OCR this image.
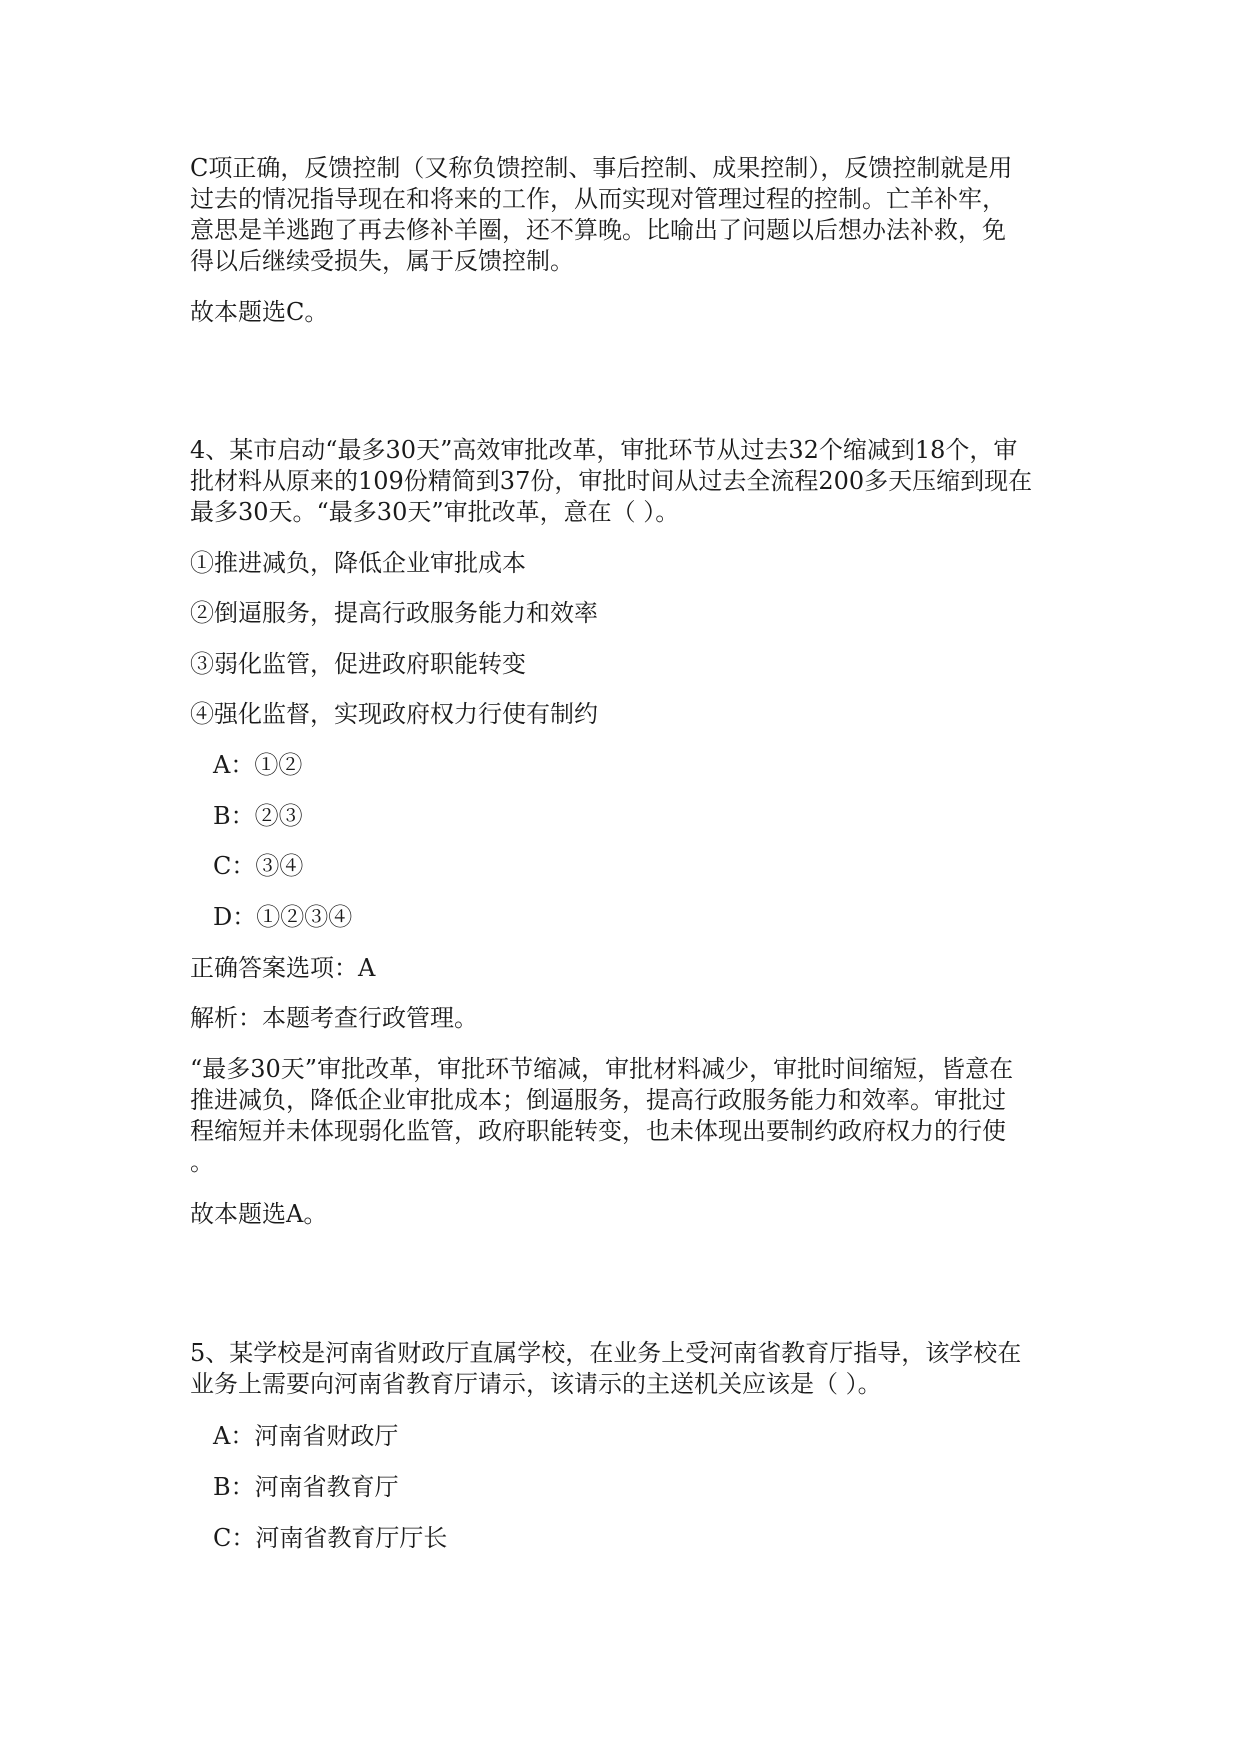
C项正确，反馈控制（又称负馈控制、事后控制、成果控制），反馈控制就是用

过去的情况指导现在和将来的工作，从而实现对管理过程的控制。亡羊补牢，

意思是羊逃跑了再去修补羊圈，还不算晚。比喻出了问题以后想办法补救，免

得以后继续受损失，属于反馈控制。

故本题选C。

4、某市启动“最多30天”高效审批改革，审批环节从过去32个缩减到18个，审

批材料从原来的109份精简到37份，审批时间从过去全流程200多天压缩到现在

最多30天。“最多30天”审批改革，意在（ ）。

①推进减负，降低企业审批成本

②倒逼服务，提高行政服务能力和效率

③弱化监管，促进政府职能转变

④强化监督，实现政府权力行使有制约

A：①②

B：②③

C：③④

D：①②③④

正确答案选项：A

解析：本题考查行政管理。

“最多30天”审批改革，审批环节缩减，审批材料减少，审批时间缩短，皆意在

推进减负，降低企业审批成本；倒逼服务，提高行政服务能力和效率。审批过

程缩短并未体现弱化监管，政府职能转变，也未体现出要制约政府权力的行使

。

故本题选A。

5、某学校是河南省财政厅直属学校，在业务上受河南省教育厅指导，该学校在

业务上需要向河南省教育厅请示，该请示的主送机关应该是（ ）。

A：河南省财政厅

B：河南省教育厅

C：河南省教育厅厅长
